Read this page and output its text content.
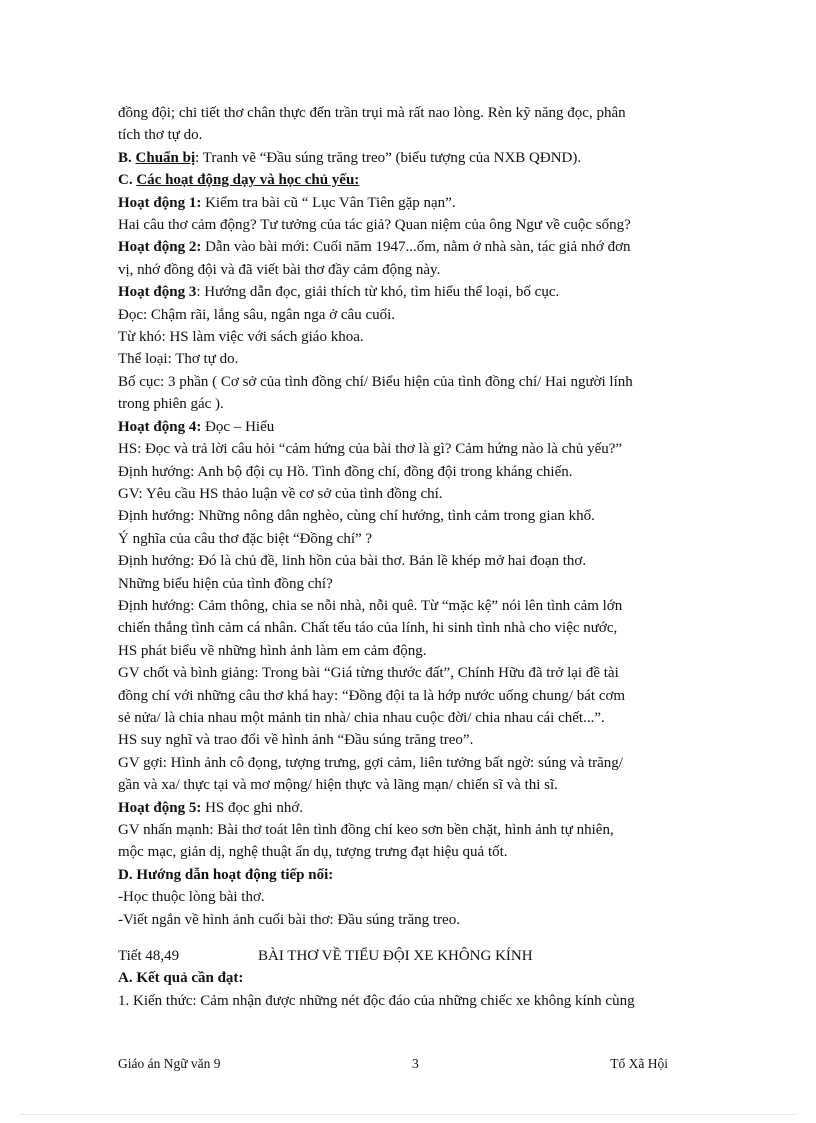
đồng đội; chi tiết thơ chân thực đến trần trụi mà rất nao lòng. Rèn kỹ năng đọc, phân

tích thơ tự do.

B. Chuẩn bị: Tranh vẽ “Đầu súng trăng treo” (biểu tượng của NXB QĐND).

C. Các hoạt động dạy và học chủ yếu:

Hoạt động 1: Kiểm tra bài cũ “ Lục Vân Tiên gặp nạn”.

Hai câu thơ cảm động? Tư tưởng của tác giả? Quan niệm của ông Ngư về cuộc sống?

Hoạt động 2: Dẫn vào bài mới: Cuối năm 1947...ốm, nằm ở nhà sàn, tác giả nhớ đơn

vị, nhớ đồng đội và đã viết bài thơ đầy cảm động này.

Hoạt động 3: Hướng dẫn đọc, giải thích từ khó, tìm hiểu thể loại, bố cục.

Đọc: Chậm rãi, lắng sâu, ngân nga ở câu cuối.

Từ khó: HS làm việc với sách giáo khoa.

Thể loại: Thơ tự do.

Bố cục: 3 phần ( Cơ sở của tình đồng chí/ Biểu hiện của tình đồng chí/ Hai người lính

trong phiên gác ).

Hoạt động 4: Đọc – Hiểu

HS: Đọc và trả lời câu hỏi “cảm hứng của bài thơ là gì? Cảm hứng nào là chủ yếu?”

Định hướng: Anh bộ đội cụ Hồ. Tình đồng chí, đồng đội trong kháng chiến.

GV: Yêu cầu HS thảo luận về cơ sở của tình đồng chí.

Định hướng: Những nông dân nghèo, cùng chí hướng, tình cảm trong gian khổ.

Ý nghĩa của câu thơ đặc biệt “Đồng chí” ?

Định hướng: Đó là chủ đề, linh hồn của bài thơ. Bản lề khép mở hai đoạn thơ.

Những biểu hiện của tình đồng chí?

Định hướng: Cảm thông, chia se nỗi nhà, nỗi quê. Từ “mặc kệ” nói lên tình cảm lớn

chiến thắng tình cảm cá nhân. Chất tếu táo của lính, hi sinh tình nhà cho việc nước,

HS phát biểu về những hình ảnh làm em cảm động.

GV chốt và bình giảng: Trong bài “Giá từng thước đất”, Chính Hữu đã trở lại đề tài

đồng chí với những câu thơ khá hay: “Đồng đội ta là hớp nước uống chung/ bát cơm

sẻ nửa/ là chia nhau một mảnh tin nhà/ chia nhau cuộc đời/ chia nhau cái chết...”.

HS suy nghĩ và trao đổi về hình ảnh “Đầu súng trăng treo”.

GV gợi: Hình ảnh cô đọng, tượng trưng, gợi cảm, liên tưởng bất ngờ: súng và trăng/

gần và xa/ thực tại và mơ mộng/ hiện thực và lãng mạn/ chiến sĩ và thi sĩ.

Hoạt động 5: HS đọc ghi nhớ.

GV nhấn mạnh: Bài thơ toát lên tình đồng chí keo sơn bền chặt, hình ảnh tự nhiên,

mộc mạc, giản dị, nghệ thuật ẩn dụ, tượng trưng đạt hiệu quả tốt.

D. Hướng dẫn hoạt động tiếp nối:

-Học thuộc lòng bài thơ.

-Viết ngắn về hình ảnh cuối bài thơ: Đầu súng trăng treo.

Tiết 48,49	BÀI THƠ VỀ TIỂU ĐỘI XE KHÔNG KÍNH

A. Kết quả cần đạt:

1. Kiến thức: Cảm nhận được những nét độc đáo của những chiếc xe không kính cùng

Giáo án Ngữ văn 9	3	Tổ Xã Hội
